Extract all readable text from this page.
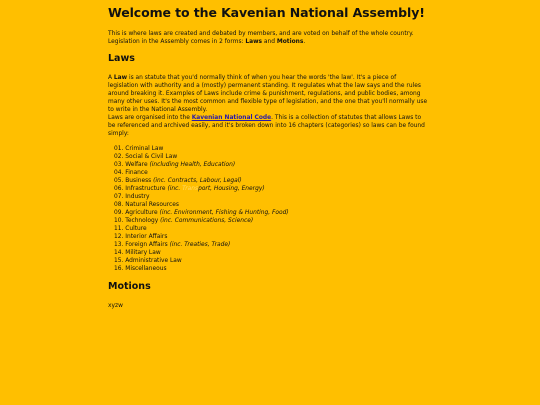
Welcome to the Kavenian National Assembly!

This is where laws are created and debated by members, and are voted on behalf of the whole country. Legislation in the Assembly comes in 2 forms: Laws and Motions.

Laws

A Law is an statute that you'd normally think of when you hear the words 'the law'. It's a piece of legislation with authority and a (mostly) permanent standing. It regulates what the law says and the rules around breaking it. Examples of Laws include crime & punishment, regulations, and public bodies, among many other uses. It's the most common and flexible type of legislation, and the one that you'll normally use to write in the National Assembly.

Laws are organised into the Kavenian National Code. This is a collection of statutes that allows Laws to be referenced and archived easily, and it's broken down into 16 chapters (categories) so laws can be found simply:

01. Criminal Law
02. Social & Civil Law
03. Welfare (including Health, Education)
04. Finance
05. Business (inc. Contracts, Labour, Legal)
06. Infrastructure (inc. Transport, Housing, Energy)
07. Industry
08. Natural Resources
09. Agriculture (inc. Environment, Fishing & Hunting, Food)
10. Technology (inc. Communications, Science)
11. Culture
12. Interior Affairs
13. Foreign Affairs (inc. Treaties, Trade)
14. Military Law
15. Administrative Law
16. Miscellaneous
Motions

xyzw
